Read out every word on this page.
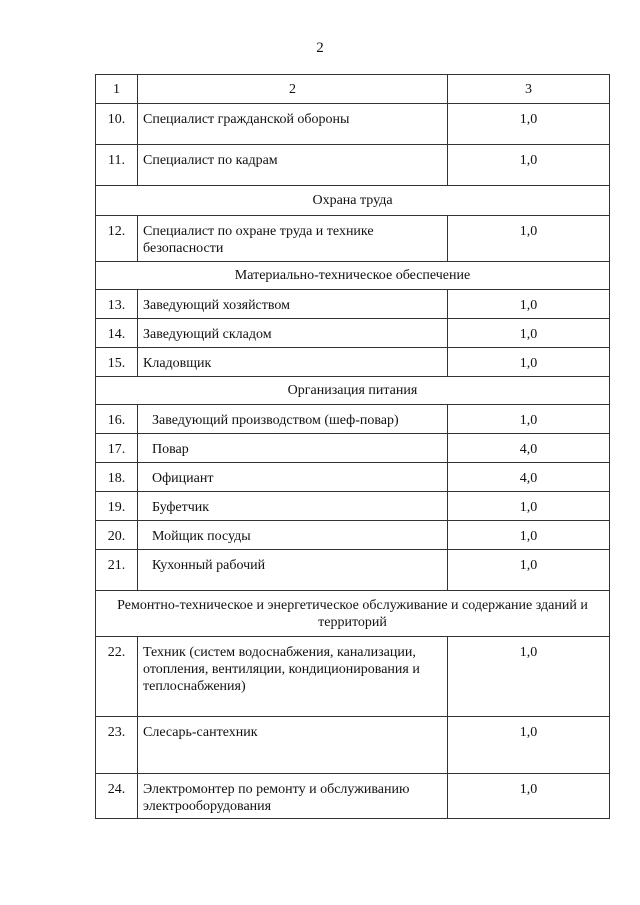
2
1	2	3
10.	Специалист гражданской обороны	1,0
11.	Специалист по кадрам	1,0
Охрана труда		
12.	Специалист по охране труда и технике безопасности	1,0
Материально-техническое обеспечение		
13.	Заведующий хозяйством	1,0
14.	Заведующий складом	1,0
15.	Кладовщик	1,0
Организация питания		
16.	Заведующий производством (шеф-повар)	1,0
17.	Повар	4,0
18.	Официант	4,0
19.	Буфетчик	1,0
20.	Мойщик посуды	1,0
21.	Кухонный рабочий	1,0
Ремонтно-техническое и энергетическое обслуживание и содержание зданий и территорий		
22.	Техник (систем водоснабжения, канализации, отопления, вентиляции, кондиционирования и теплоснабжения)	1,0
23.	Слесарь-сантехник	1,0
24.	Электромонтер по ремонту и обслуживанию электрооборудования	1,0
